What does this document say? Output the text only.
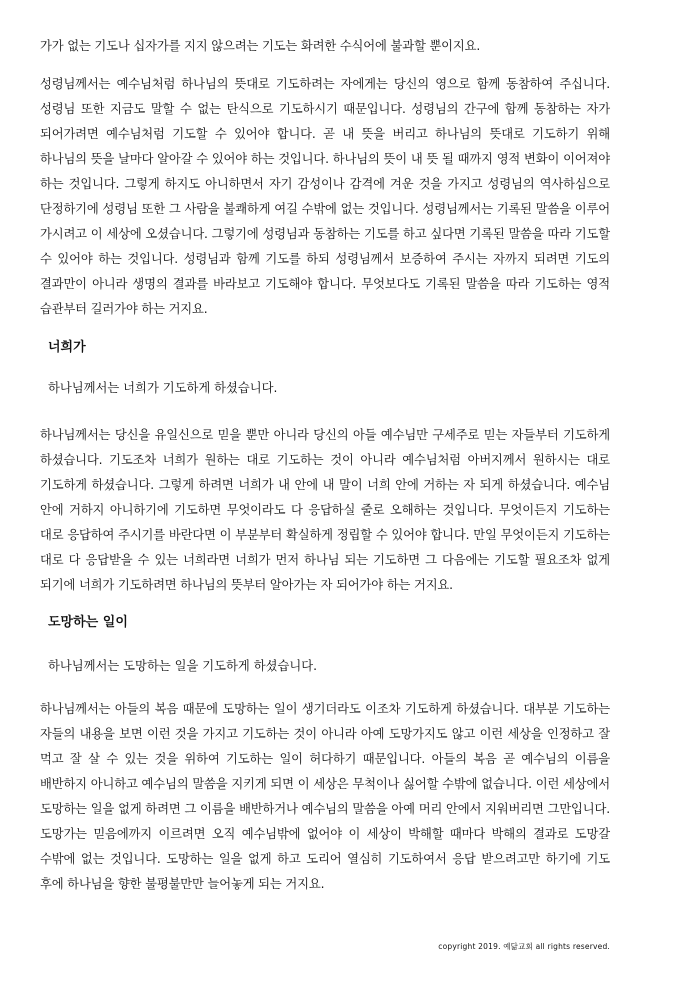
가가 없는 기도나 십자가를 지지 않으려는 기도는 화려한 수식어에 불과할 뿐이지요.

성령님께서는 예수님처럼 하나님의 뜻대로 기도하려는 자에게는 당신의 영으로 함께 동참하여 주십니다. 성령님 또한 지금도 말할 수 없는 탄식으로 기도하시기 때문입니다. 성령님의 간구에 함께 동참하는 자가 되어가려면 예수님처럼 기도할 수 있어야 합니다. 곧 내 뜻을 버리고 하나님의 뜻대로 기도하기 위해 하나님의 뜻을 날마다 알아갈 수 있어야 하는 것입니다. 하나님의 뜻이 내 뜻 될 때까지 영적 변화이 이어져야 하는 것입니다. 그렇게 하지도 아니하면서 자기 감성이나 감격에 겨운 것을 가지고 성령님의 역사하심으로 단정하기에 성령님 또한 그 사람을 불쾌하게 여길 수밖에 없는 것입니다. 성령님께서는 기록된 말씀을 이루어 가시려고 이 세상에 오셨습니다. 그렇기에 성령님과 동참하는 기도를 하고 싶다면 기록된 말씀을 따라 기도할 수 있어야 하는 것입니다. 성령님과 함께 기도를 하되 성령님께서 보증하여 주시는 자까지 되려면 기도의 결과만이 아니라 생명의 결과를 바라보고 기도해야 합니다. 무엇보다도 기록된 말씀을 따라 기도하는 영적 습관부터 길러가야 하는 거지요.

너희가

하나님께서는 너희가 기도하게 하셨습니다.

하나님께서는 당신을 유일신으로 믿을 뿐만 아니라 당신의 아들 예수님만 구세주로 믿는 자들부터 기도하게 하셨습니다. 기도조차 너희가 원하는 대로 기도하는 것이 아니라 예수님처럼 아버지께서 원하시는 대로 기도하게 하셨습니다. 그렇게 하려면 너희가 내 안에 내 말이 너희 안에 거하는 자 되게 하셨습니다. 예수님 안에 거하지 아니하기에 기도하면 무엇이라도 다 응답하실 줄로 오해하는 것입니다. 무엇이든지 기도하는 대로 응답하여 주시기를 바란다면 이 부분부터 확실하게 정립할 수 있어야 합니다. 만일 무엇이든지 기도하는 대로 다 응답받을 수 있는 너희라면 너희가 먼저 하나님 되는 기도하면 그 다음에는 기도할 필요조차 없게 되기에 너희가 기도하려면 하나님의 뜻부터 알아가는 자 되어가야 하는 거지요.

도망하는 일이

하나님께서는 도망하는 일을 기도하게 하셨습니다.

하나님께서는 아들의 복음 때문에 도망하는 일이 생기더라도 이조차 기도하게 하셨습니다. 대부분 기도하는 자들의 내용을 보면 이런 것을 가지고 기도하는 것이 아니라 아예 도망가지도 않고 이런 세상을 인정하고 잘 먹고 잘 살 수 있는 것을 위하여 기도하는 일이 허다하기 때문입니다. 아들의 복음 곧 예수님의 이름을 배반하지 아니하고 예수님의 말씀을 지키게 되면 이 세상은 무척이나 싫어할 수밖에 없습니다. 이런 세상에서 도망하는 일을 없게 하려면 그 이름을 배반하거나 예수님의 말씀을 아예 머리 안에서 지워버리면 그만입니다. 도망가는 믿음에까지 이르려면 오직 예수님밖에 없어야 이 세상이 박해할 때마다 박해의 결과로 도망갈 수밖에 없는 것입니다. 도망하는 일을 없게 하고 도리어 열심히 기도하여서 응답 받으려고만 하기에 기도 후에 하나님을 향한 불평불만만 늘어놓게 되는 거지요.

copyright 2019. 예닮교회 all rights reserved.
